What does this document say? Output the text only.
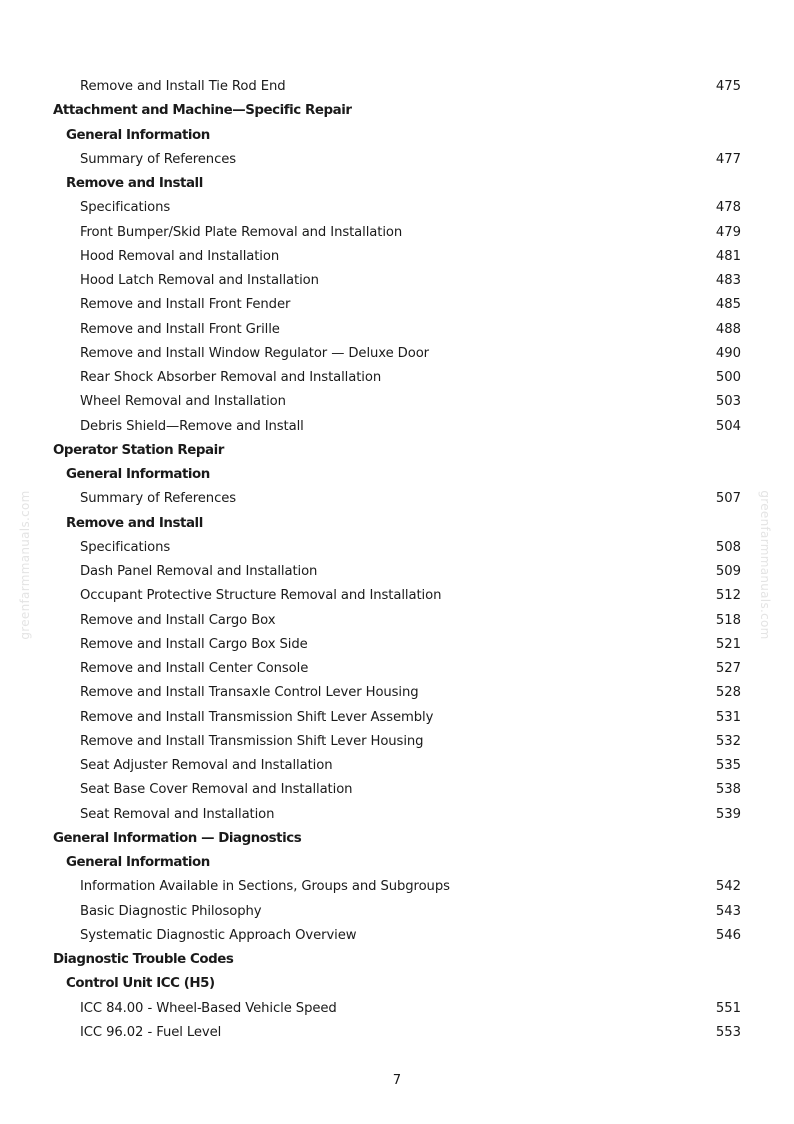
Remove and Install Tie Rod End	475
Attachment and Machine—Specific Repair
General Information
Summary of References	477
Remove and Install
Specifications	478
Front Bumper/Skid Plate Removal and Installation	479
Hood Removal and Installation	481
Hood Latch Removal and Installation	483
Remove and Install Front Fender	485
Remove and Install Front Grille	488
Remove and Install Window Regulator — Deluxe Door	490
Rear Shock Absorber Removal and Installation	500
Wheel Removal and Installation	503
Debris Shield—Remove and Install	504
Operator Station Repair
General Information
Summary of References	507
Remove and Install
Specifications	508
Dash Panel Removal and Installation	509
Occupant Protective Structure Removal and Installation	512
Remove and Install Cargo Box	518
Remove and Install Cargo Box Side	521
Remove and Install Center Console	527
Remove and Install Transaxle Control Lever Housing	528
Remove and Install Transmission Shift Lever Assembly	531
Remove and Install Transmission Shift Lever Housing	532
Seat Adjuster Removal and Installation	535
Seat Base Cover Removal and Installation	538
Seat Removal and Installation	539
General Information — Diagnostics
General Information
Information Available in Sections, Groups and Subgroups	542
Basic Diagnostic Philosophy	543
Systematic Diagnostic Approach Overview	546
Diagnostic Trouble Codes
Control Unit ICC (H5)
ICC 84.00 - Wheel-Based Vehicle Speed	551
ICC 96.02 - Fuel Level	553
greenfarmmanuals.com	greenfarmmanuals.com
7
